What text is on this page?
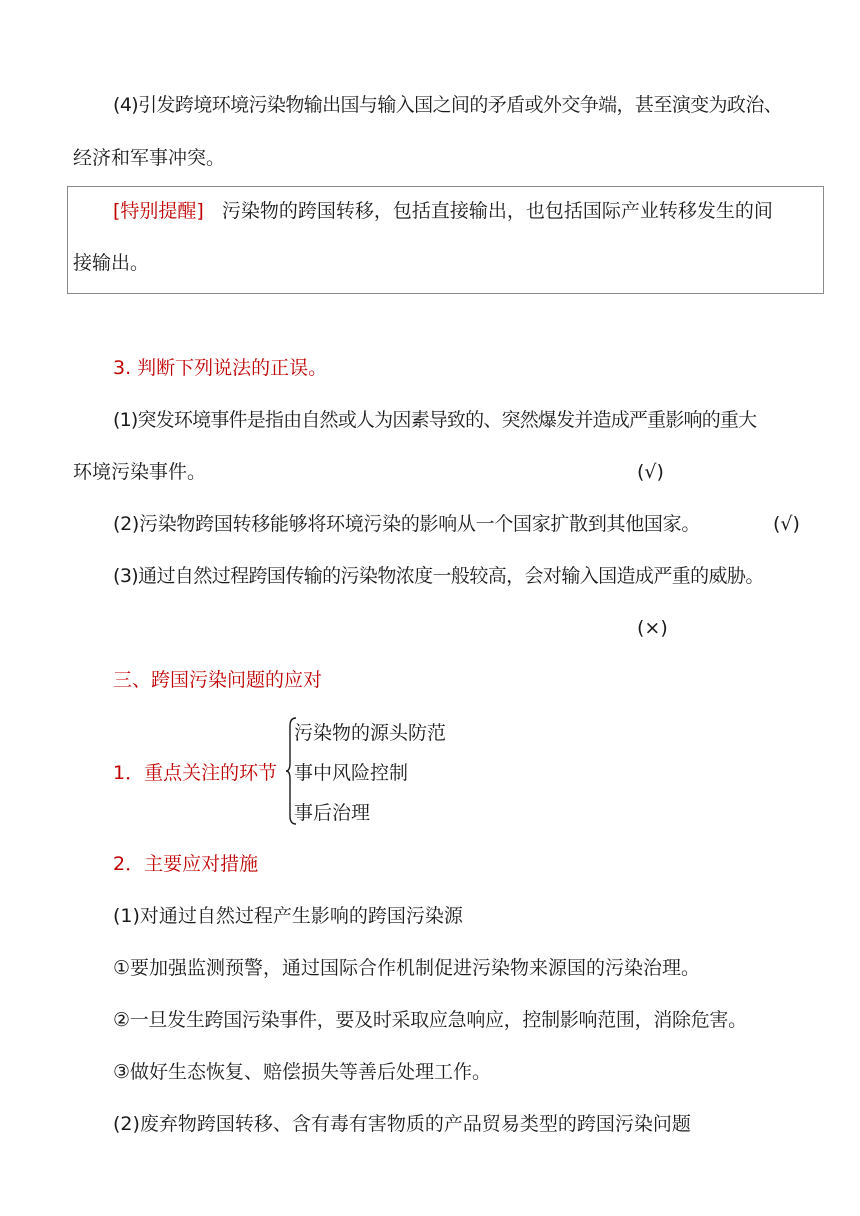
(4)引发跨境环境污染物输出国与输入国之间的矛盾或外交争端，甚至演变为政治、
经济和军事冲突。
[特别提醒] 污染物的跨国转移，包括直接输出，也包括国际产业转移发生的间
接输出。
3. 判断下列说法的正误。
(1)突发环境事件是指由自然或人为因素导致的、突然爆发并造成严重影响的重大
环境污染事件。	(√)
(2)污染物跨国转移能够将环境污染的影响从一个国家扩散到其他国家。	(√)
(3)通过自然过程跨国传输的污染物浓度一般较高，会对输入国造成严重的威胁。
(×)
三、跨国污染问题的应对
1．重点关注的环节
污染物的源头防范
事中风险控制
事后治理
2．主要应对措施
(1)对通过自然过程产生影响的跨国污染源
①要加强监测预警，通过国际合作机制促进污染物来源国的污染治理。
②一旦发生跨国污染事件，要及时采取应急响应，控制影响范围，消除危害。
③做好生态恢复、赔偿损失等善后处理工作。
(2)废弃物跨国转移、含有毒有害物质的产品贸易类型的跨国污染问题
